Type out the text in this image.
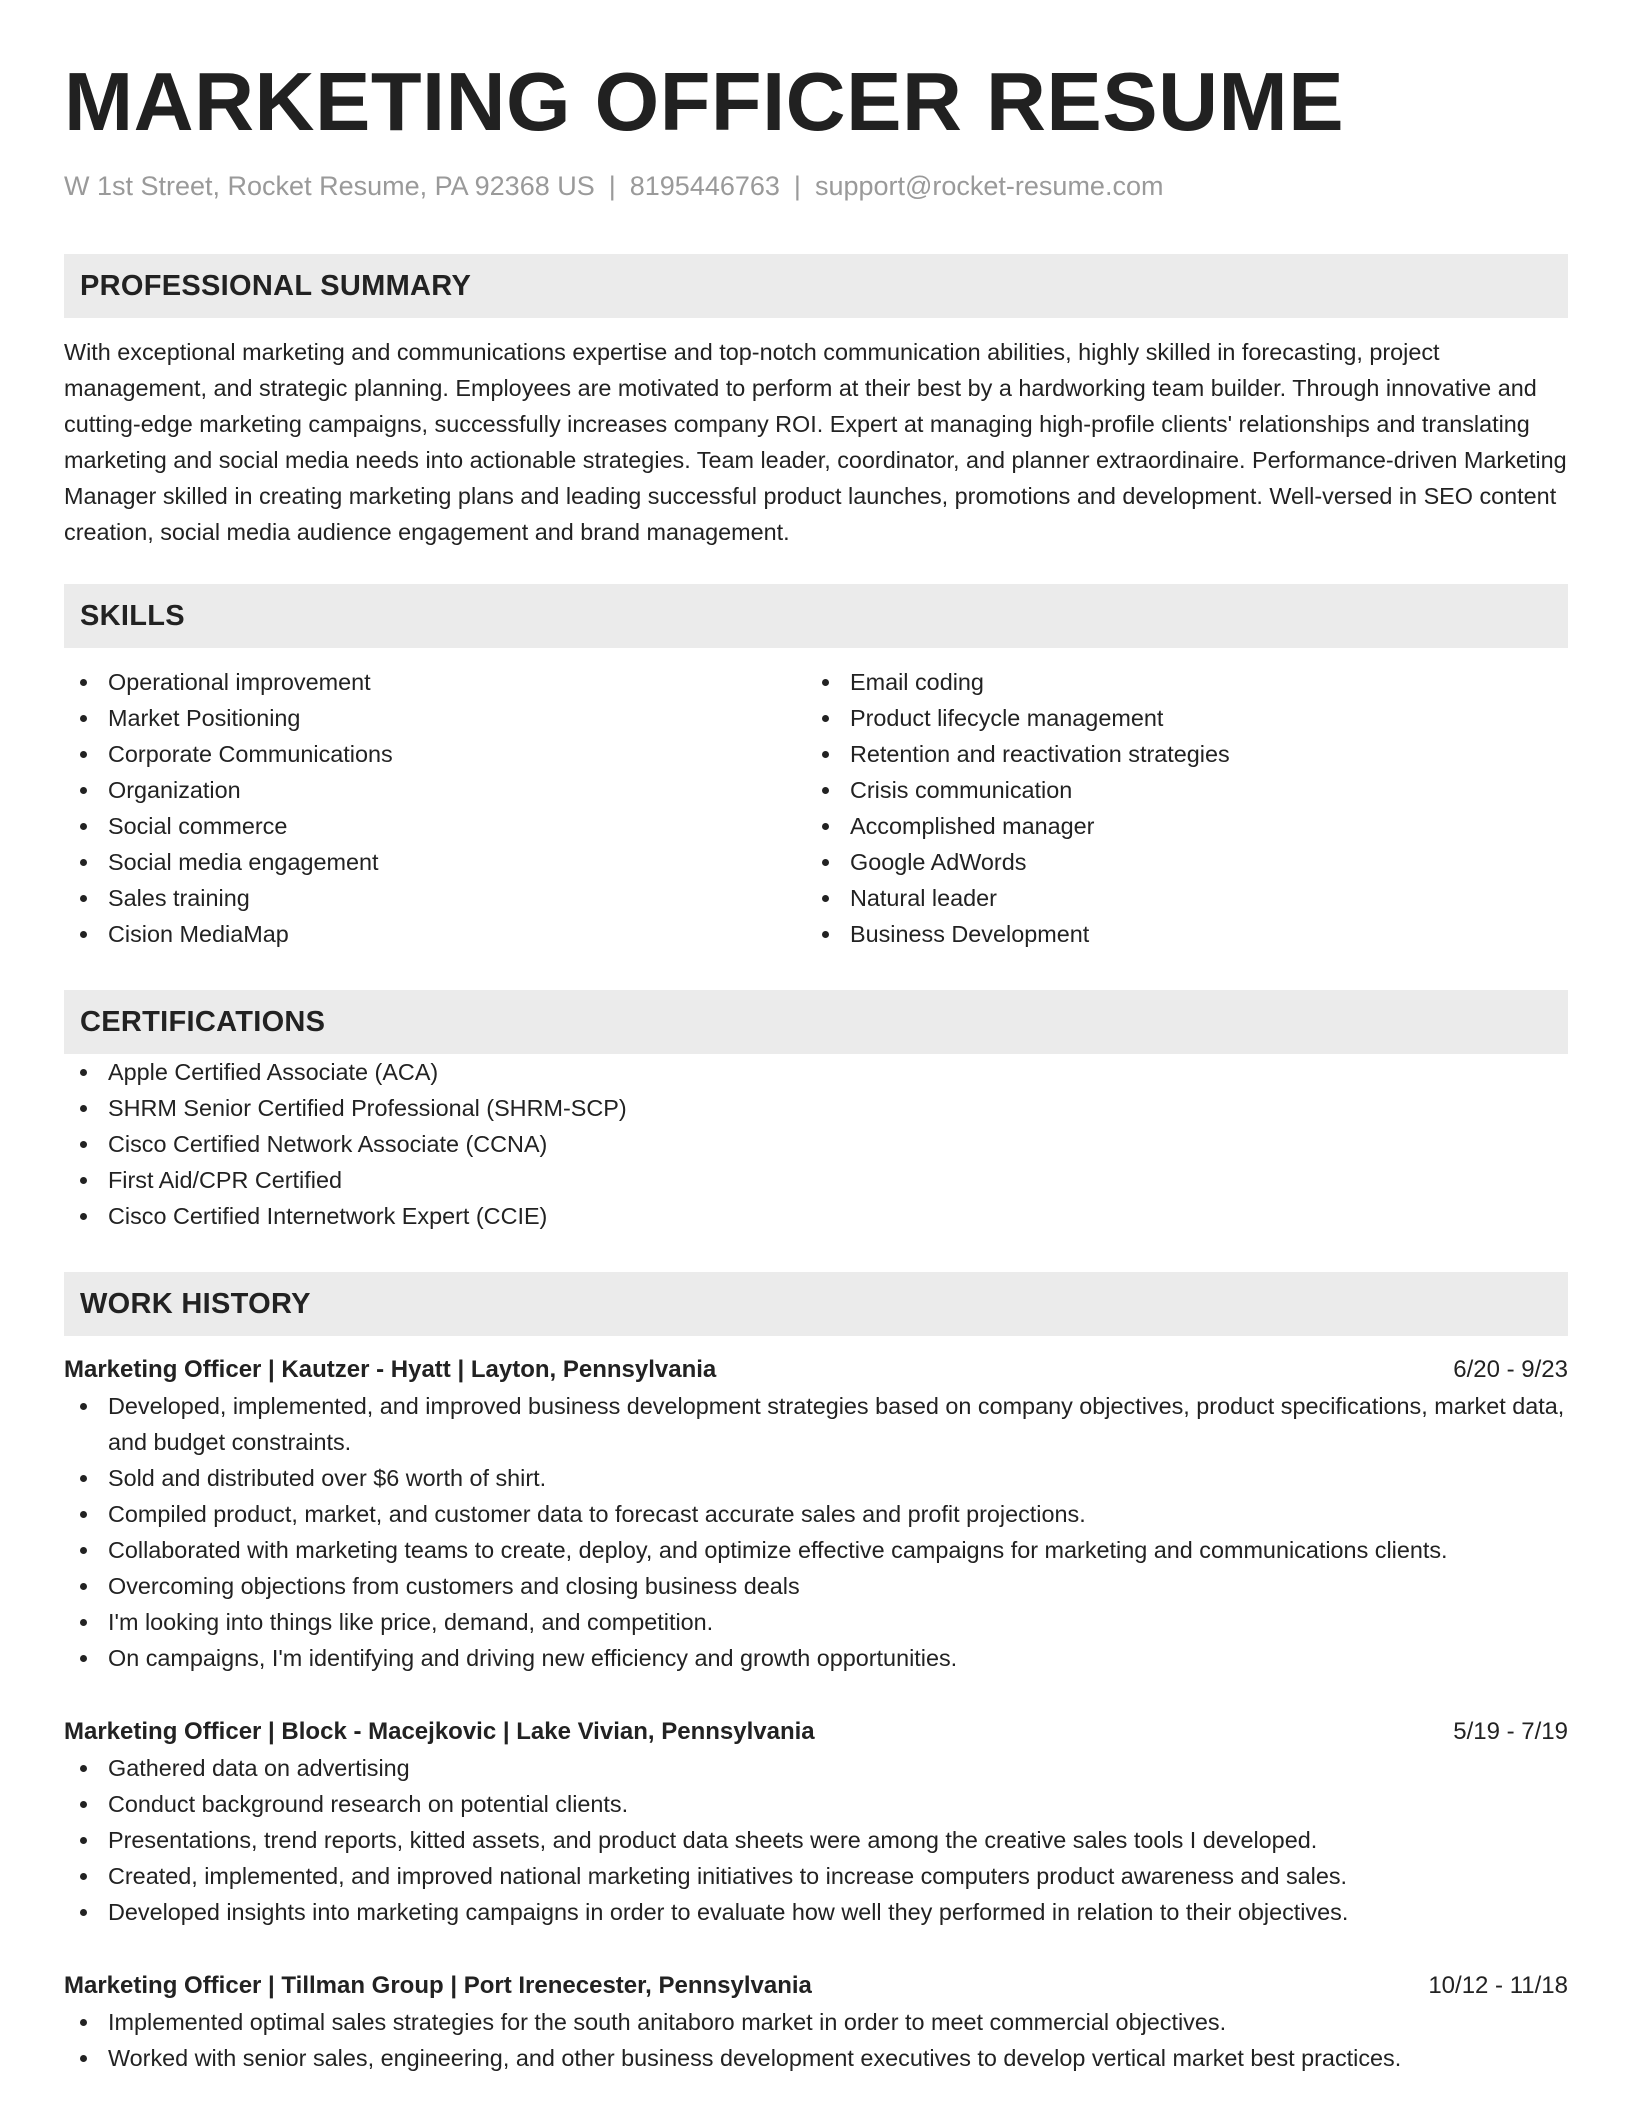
MARKETING OFFICER RESUME
W 1st Street, Rocket Resume, PA 92368 US | 8195446763 | support@rocket-resume.com
PROFESSIONAL SUMMARY

With exceptional marketing and communications expertise and top-notch communication abilities, highly skilled in forecasting, project management, and strategic planning. Employees are motivated to perform at their best by a hardworking team builder. Through innovative and cutting-edge marketing campaigns, successfully increases company ROI. Expert at managing high-profile clients' relationships and translating marketing and social media needs into actionable strategies. Team leader, coordinator, and planner extraordinaire. Performance-driven Marketing Manager skilled in creating marketing plans and leading successful product launches, promotions and development. Well-versed in SEO content creation, social media audience engagement and brand management.

SKILLS
Operational improvement
Market Positioning
Corporate Communications
Organization
Social commerce
Social media engagement
Sales training
Cision MediaMap
Email coding
Product lifecycle management
Retention and reactivation strategies
Crisis communication
Accomplished manager
Google AdWords
Natural leader
Business Development
CERTIFICATIONS
Apple Certified Associate (ACA)
SHRM Senior Certified Professional (SHRM-SCP)
Cisco Certified Network Associate (CCNA)
First Aid/CPR Certified
Cisco Certified Internetwork Expert (CCIE)
WORK HISTORY
Marketing Officer | Kautzer - Hyatt | Layton, Pennsylvania	6/20 - 9/23
Developed, implemented, and improved business development strategies based on company objectives, product specifications, market data, and budget constraints.
Sold and distributed over $6 worth of shirt.
Compiled product, market, and customer data to forecast accurate sales and profit projections.
Collaborated with marketing teams to create, deploy, and optimize effective campaigns for marketing and communications clients.
Overcoming objections from customers and closing business deals
I'm looking into things like price, demand, and competition.
On campaigns, I'm identifying and driving new efficiency and growth opportunities.
Marketing Officer | Block - Macejkovic | Lake Vivian, Pennsylvania	5/19 - 7/19
Gathered data on advertising
Conduct background research on potential clients.
Presentations, trend reports, kitted assets, and product data sheets were among the creative sales tools I developed.
Created, implemented, and improved national marketing initiatives to increase computers product awareness and sales.
Developed insights into marketing campaigns in order to evaluate how well they performed in relation to their objectives.
Marketing Officer | Tillman Group | Port Irenecester, Pennsylvania	10/12 - 11/18
Implemented optimal sales strategies for the south anitaboro market in order to meet commercial objectives.
Worked with senior sales, engineering, and other business development executives to develop vertical market best practices.
